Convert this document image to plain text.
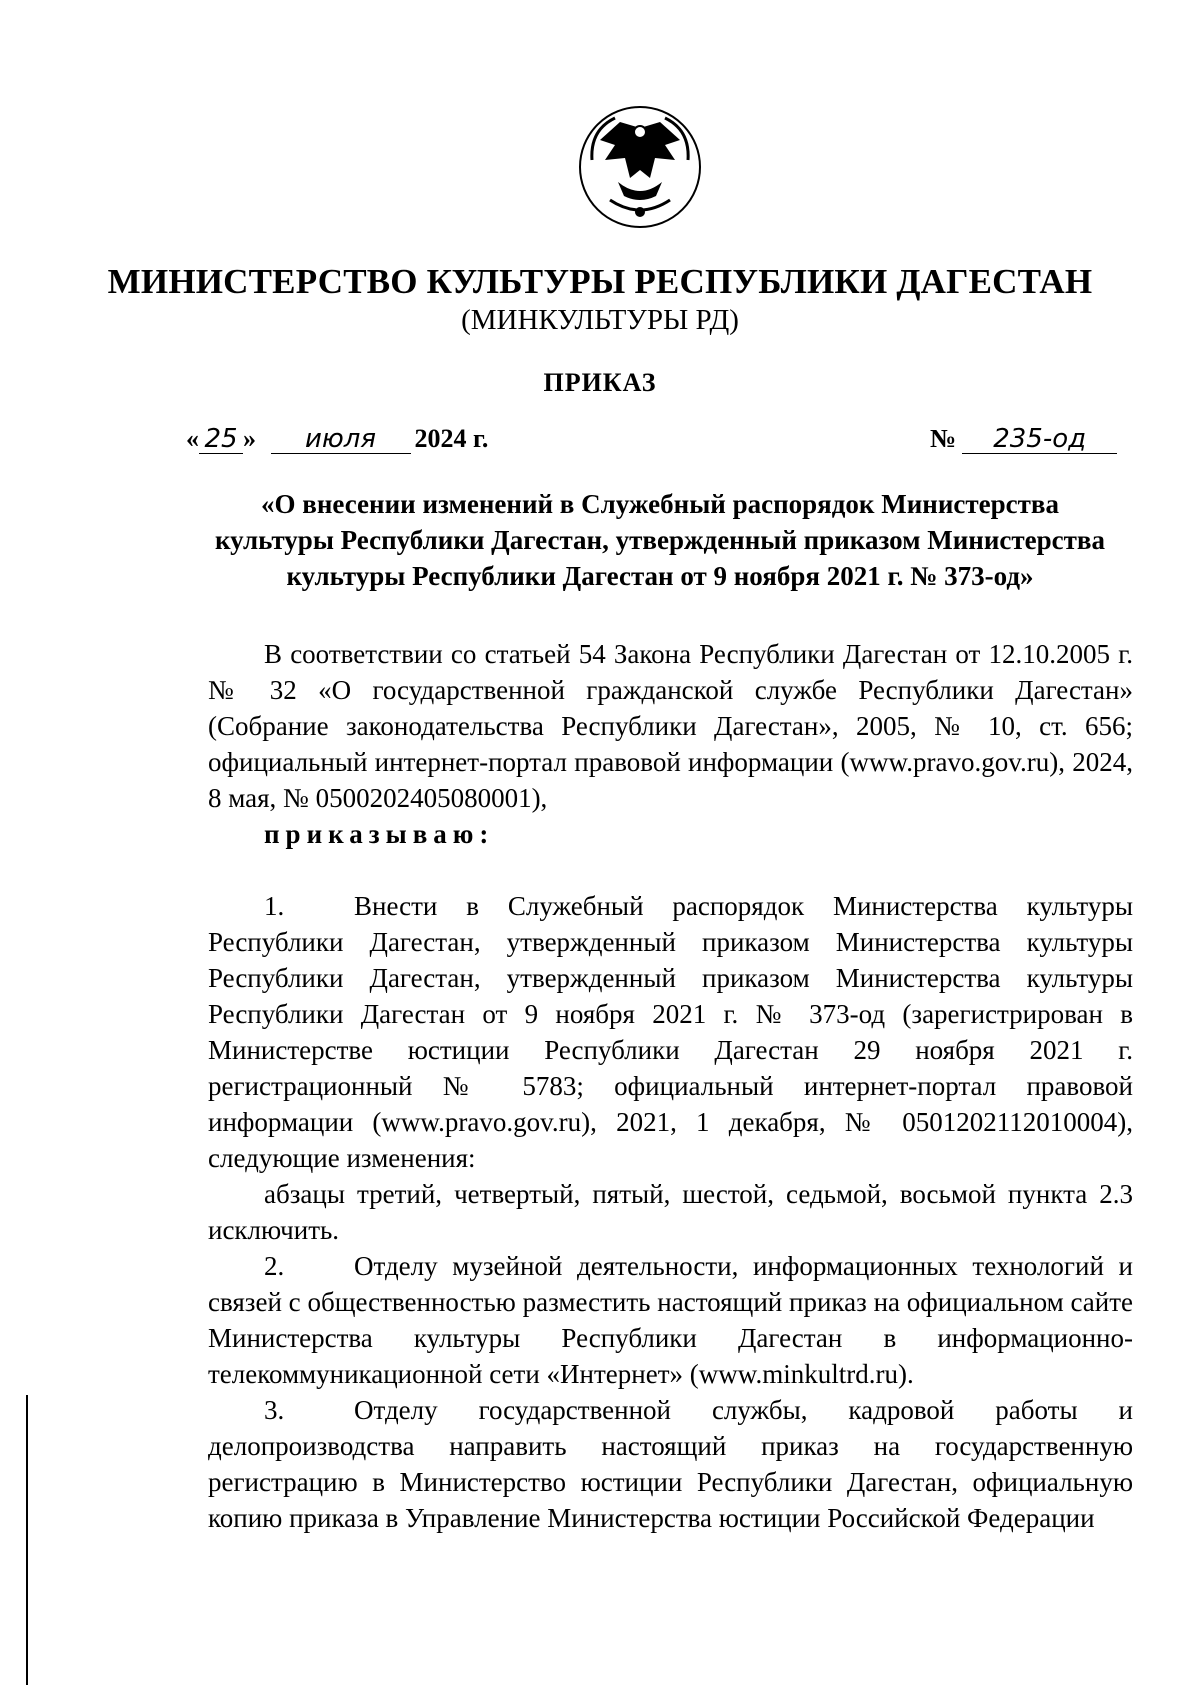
МИНИСТЕРСТВО КУЛЬТУРЫ РЕСПУБЛИКИ ДАГЕСТАН
(МИНКУЛЬТУРЫ РД)
ПРИКАЗ
« 25 » июля 2024 г.	№ 235-од
«О внесении изменений в Служебный распорядок Министерства
культуры Республики Дагестан, утвержденный приказом Министерства
культуры Республики Дагестан от 9 ноября 2021 г. № 373-од»

В соответствии со статьей 54 Закона Республики Дагестан от 12.10.2005 г. № 32 «О государственной гражданской службе Республики Дагестан» (Собрание законодательства Республики Дагестан», 2005, № 10, ст. 656; официальный интернет-портал правовой информации (www.pravo.gov.ru), 2024, 8 мая, № 0500202405080001),

приказываю:

1.	Внести в Служебный распорядок Министерства культуры Республики Дагестан, утвержденный приказом Министерства культуры Республики Дагестан, утвержденный приказом Министерства культуры Республики Дагестан от 9 ноября 2021 г. № 373-од (зарегистрирован в Министерстве юстиции Республики Дагестан 29 ноября 2021 г. регистрационный № 5783; официальный интернет-портал правовой информации (www.pravo.gov.ru), 2021, 1 декабря, № 0501202112010004), следующие изменения:

абзацы третий, четвертый, пятый, шестой, седьмой, восьмой пункта 2.3 исключить.

2.	Отделу музейной деятельности, информационных технологий и связей с общественностью разместить настоящий приказ на официальном сайте Министерства культуры Республики Дагестан в информационно-телекоммуникационной сети «Интернет» (www.minkultrd.ru).

3.	Отделу государственной службы, кадровой работы и делопроизводства направить настоящий приказ на государственную регистрацию в Министерство юстиции Республики Дагестан, официальную копию приказа в Управление Министерства юстиции Российской Федерации
